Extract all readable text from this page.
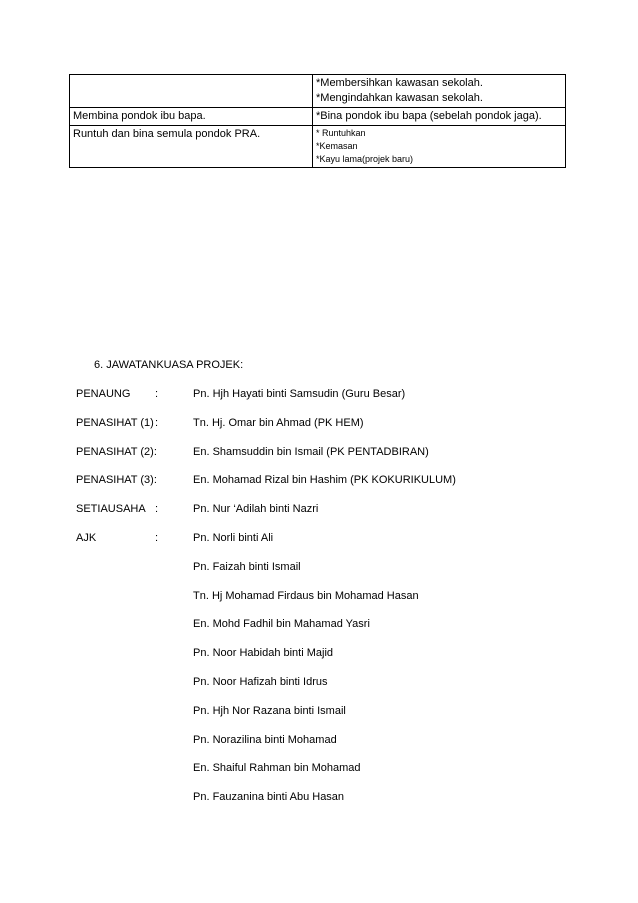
	*Membersihkan kawasan sekolah.
*Mengindahkan kawasan sekolah.

Membina pondok ibu bapa.	*Bina pondok ibu bapa (sebelah pondok jaga).

Runtuh dan bina semula pondok PRA.	* Runtuhkan
*Kemasan
*Kayu lama(projek baru)
6. JAWATANKUASA PROJEK:
PENAUNG :	Pn. Hjh Hayati binti Samsudin (Guru Besar)
PENASIHAT (1) :	Tn. Hj. Omar bin Ahmad (PK HEM)
PENASIHAT (2):	En. Shamsuddin bin Ismail (PK PENTADBIRAN)
PENASIHAT (3):	En. Mohamad Rizal bin Hashim (PK KOKURIKULUM)
SETIAUSAHA :	Pn. Nur ‘Adilah binti Nazri
AJK	:	Pn. Norli binti Ali
Pn. Faizah binti Ismail
Tn. Hj Mohamad Firdaus bin Mohamad Hasan
En. Mohd Fadhil bin Mahamad Yasri
Pn. Noor Habidah binti Majid
Pn. Noor Hafizah binti Idrus
Pn. Hjh Nor Razana binti Ismail
Pn. Norazilina binti Mohamad
En. Shaiful Rahman bin Mohamad
Pn. Fauzanina binti Abu Hasan
